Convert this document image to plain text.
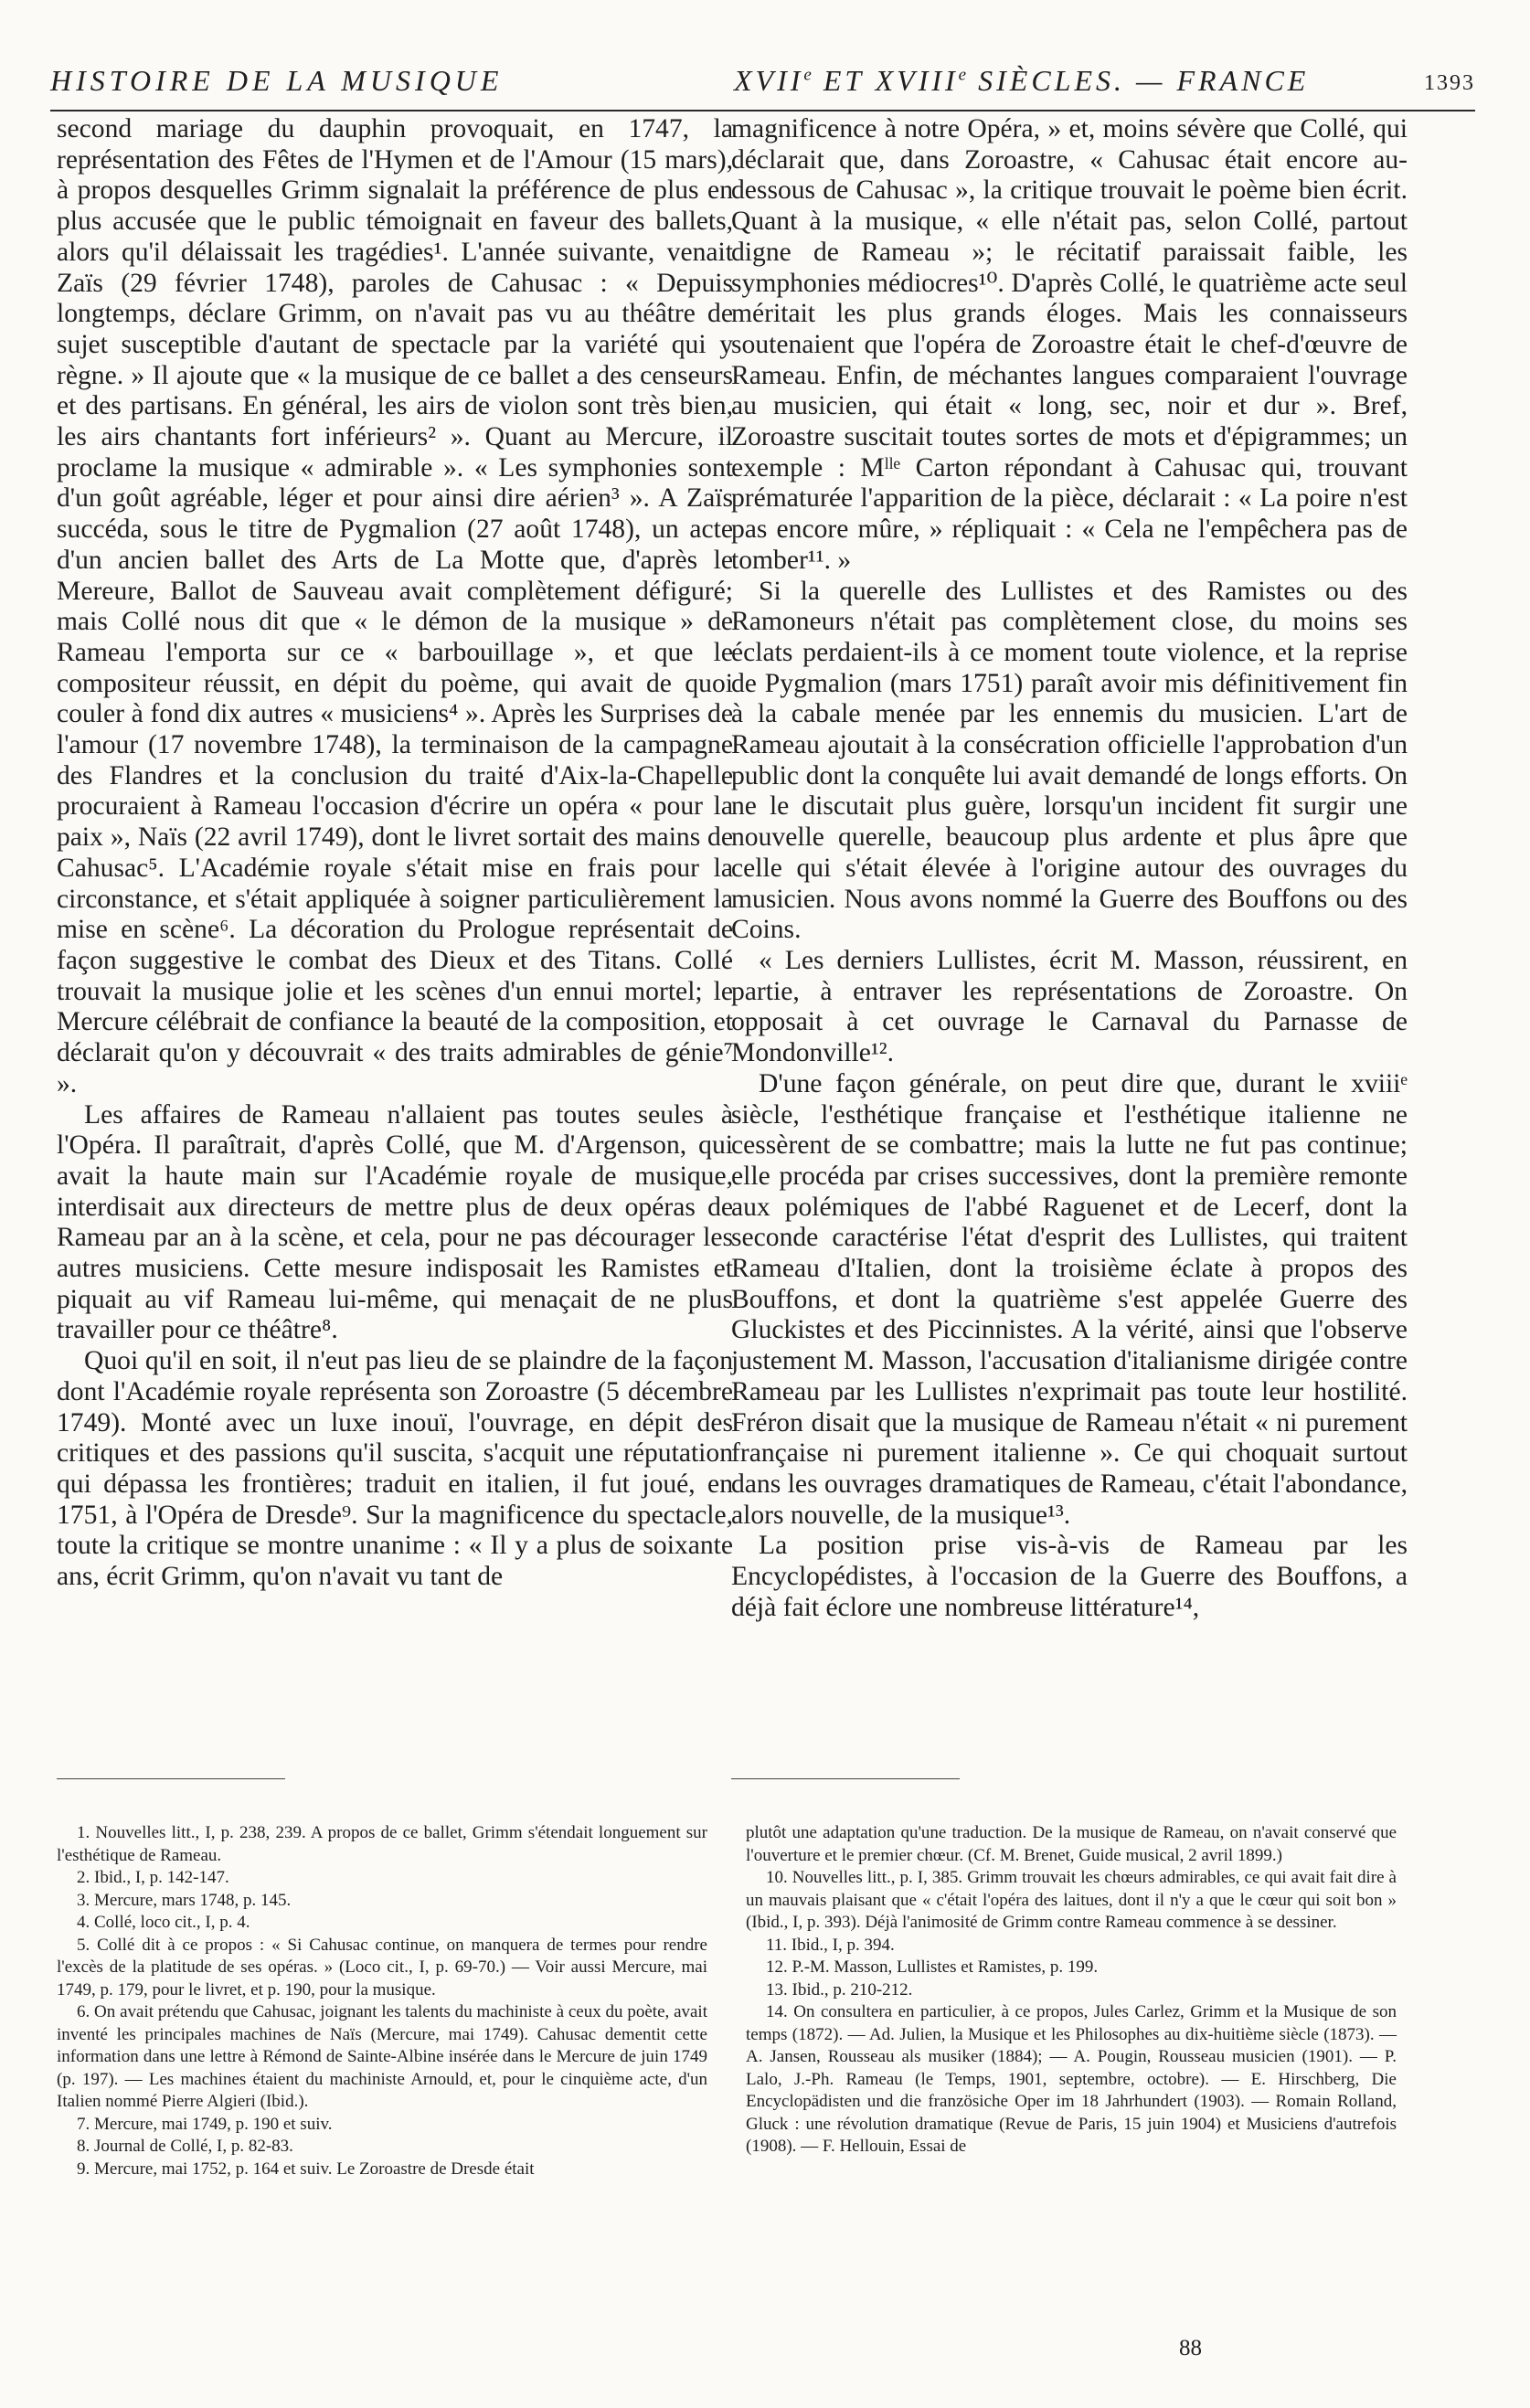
HISTOIRE DE LA MUSIQUE	XVIIe ET XVIIIe SIÈCLES. — FRANCE	1393

second mariage du dauphin provoquait, en 1747, la représentation des Fêtes de l'Hymen et de l'Amour (15 mars), à propos desquelles Grimm signalait la préférence de plus en plus accusée que le public témoignait en faveur des ballets, alors qu'il délaissait les tragédies¹. L'année suivante, venait Zaïs (29 février 1748), paroles de Cahusac : « Depuis longtemps, déclare Grimm, on n'avait pas vu au théâtre de sujet susceptible d'autant de spectacle par la variété qui y règne. » Il ajoute que « la musique de ce ballet a des censeurs et des partisans. En général, les airs de violon sont très bien, les airs chantants fort inférieurs² ». Quant au Mercure, il proclame la musique « admirable ». « Les symphonies sont d'un goût agréable, léger et pour ainsi dire aérien³ ». A Zaïs succéda, sous le titre de Pygmalion (27 août 1748), un acte d'un ancien ballet des Arts de La Motte que, d'après le Mereure, Ballot de Sauveau avait complètement défiguré; mais Collé nous dit que « le démon de la musique » de Rameau l'emporta sur ce « barbouillage », et que le compositeur réussit, en dépit du poème, qui avait de quoi couler à fond dix autres « musiciens⁴ ». Après les Surprises de l'amour (17 novembre 1748), la terminaison de la campagne des Flandres et la conclusion du traité d'Aix-la-Chapelle procuraient à Rameau l'occasion d'écrire un opéra « pour la paix », Naïs (22 avril 1749), dont le livret sortait des mains de Cahusac⁵. L'Académie royale s'était mise en frais pour la circonstance, et s'était appliquée à soigner particulièrement la mise en scène⁶. La décoration du Prologue représentait de façon suggestive le combat des Dieux et des Titans. Collé trouvait la musique jolie et les scènes d'un ennui mortel; le Mercure célébrait de confiance la beauté de la composition, et déclarait qu'on y découvrait « des traits admirables de génie⁷ ».

Les affaires de Rameau n'allaient pas toutes seules à l'Opéra. Il paraîtrait, d'après Collé, que M. d'Argenson, qui avait la haute main sur l'Académie royale de musique, interdisait aux directeurs de mettre plus de deux opéras de Rameau par an à la scène, et cela, pour ne pas décourager les autres musiciens. Cette mesure indisposait les Ramistes et piquait au vif Rameau lui-même, qui menaçait de ne plus travailler pour ce théâtre⁸.

Quoi qu'il en soit, il n'eut pas lieu de se plaindre de la façon dont l'Académie royale représenta son Zoroastre (5 décembre 1749). Monté avec un luxe inouï, l'ouvrage, en dépit des critiques et des passions qu'il suscita, s'acquit une réputation qui dépassa les frontières; traduit en italien, il fut joué, en 1751, à l'Opéra de Dresde⁹. Sur la magnificence du spectacle, toute la critique se montre unanime : « Il y a plus de soixante ans, écrit Grimm, qu'on n'avait vu tant de

magnificence à notre Opéra, » et, moins sévère que Collé, qui déclarait que, dans Zoroastre, « Cahusac était encore au-dessous de Cahusac », la critique trouvait le poème bien écrit. Quant à la musique, « elle n'était pas, selon Collé, partout digne de Rameau »; le récitatif paraissait faible, les symphonies médiocres¹⁰. D'après Collé, le quatrième acte seul méritait les plus grands éloges. Mais les connaisseurs soutenaient que l'opéra de Zoroastre était le chef-d'œuvre de Rameau. Enfin, de méchantes langues comparaient l'ouvrage au musicien, qui était « long, sec, noir et dur ». Bref, Zoroastre suscitait toutes sortes de mots et d'épigrammes; un exemple : Mˡˡᵉ Carton répondant à Cahusac qui, trouvant prématurée l'apparition de la pièce, déclarait : « La poire n'est pas encore mûre, » répliquait : « Cela ne l'empêchera pas de tomber¹¹. »

Si la querelle des Lullistes et des Ramistes ou des Ramoneurs n'était pas complètement close, du moins ses éclats perdaient-ils à ce moment toute violence, et la reprise de Pygmalion (mars 1751) paraît avoir mis définitivement fin à la cabale menée par les ennemis du musicien. L'art de Rameau ajoutait à la consécration officielle l'approbation d'un public dont la conquête lui avait demandé de longs efforts. On ne le discutait plus guère, lorsqu'un incident fit surgir une nouvelle querelle, beaucoup plus ardente et plus âpre que celle qui s'était élevée à l'origine autour des ouvrages du musicien. Nous avons nommé la Guerre des Bouffons ou des Coins.

« Les derniers Lullistes, écrit M. Masson, réussirent, en partie, à entraver les représentations de Zoroastre. On opposait à cet ouvrage le Carnaval du Parnasse de Mondonville¹².

D'une façon générale, on peut dire que, durant le xviiiᵉ siècle, l'esthétique française et l'esthétique italienne ne cessèrent de se combattre; mais la lutte ne fut pas continue; elle procéda par crises successives, dont la première remonte aux polémiques de l'abbé Raguenet et de Lecerf, dont la seconde caractérise l'état d'esprit des Lullistes, qui traitent Rameau d'Italien, dont la troisième éclate à propos des Bouffons, et dont la quatrième s'est appelée Guerre des Gluckistes et des Piccinnistes. A la vérité, ainsi que l'observe justement M. Masson, l'accusation d'italianisme dirigée contre Rameau par les Lullistes n'exprimait pas toute leur hostilité. Fréron disait que la musique de Rameau n'était « ni purement française ni purement italienne ». Ce qui choquait surtout dans les ouvrages dramatiques de Rameau, c'était l'abondance, alors nouvelle, de la musique¹³.

La position prise vis-à-vis de Rameau par les Encyclopédistes, à l'occasion de la Guerre des Bouffons, a déjà fait éclore une nombreuse littérature¹⁴,

1. Nouvelles litt., I, p. 238, 239. A propos de ce ballet, Grimm s'étendait longuement sur l'esthétique de Rameau.

2. Ibid., I, p. 142-147.

3. Mercure, mars 1748, p. 145.

4. Collé, loco cit., I, p. 4.

5. Collé dit à ce propos : « Si Cahusac continue, on manquera de termes pour rendre l'excès de la platitude de ses opéras. » (Loco cit., I, p. 69-70.) — Voir aussi Mercure, mai 1749, p. 179, pour le livret, et p. 190, pour la musique.

6. On avait prétendu que Cahusac, joignant les talents du machiniste à ceux du poète, avait inventé les principales machines de Naïs (Mercure, mai 1749). Cahusac dementit cette information dans une lettre à Rémond de Sainte-Albine insérée dans le Mercure de juin 1749 (p. 197). — Les machines étaient du machiniste Arnould, et, pour le cinquième acte, d'un Italien nommé Pierre Algieri (Ibid.).

7. Mercure, mai 1749, p. 190 et suiv.

8. Journal de Collé, I, p. 82-83.

9. Mercure, mai 1752, p. 164 et suiv. Le Zoroastre de Dresde était

plutôt une adaptation qu'une traduction. De la musique de Rameau, on n'avait conservé que l'ouverture et le premier chœur. (Cf. M. Brenet, Guide musical, 2 avril 1899.)

10. Nouvelles litt., p. I, 385. Grimm trouvait les chœurs admirables, ce qui avait fait dire à un mauvais plaisant que « c'était l'opéra des laitues, dont il n'y a que le cœur qui soit bon » (Ibid., I, p. 393). Déjà l'animosité de Grimm contre Rameau commence à se dessiner.

11. Ibid., I, p. 394.

12. P.-M. Masson, Lullistes et Ramistes, p. 199.

13. Ibid., p. 210-212.

14. On consultera en particulier, à ce propos, Jules Carlez, Grimm et la Musique de son temps (1872). — Ad. Julien, la Musique et les Philosophes au dix-huitième siècle (1873). — A. Jansen, Rousseau als musiker (1884); — A. Pougin, Rousseau musicien (1901). — P. Lalo, J.-Ph. Rameau (le Temps, 1901, septembre, octobre). — E. Hirschberg, Die Encyclopädisten und die französiche Oper im 18 Jahrhundert (1903). — Romain Rolland, Gluck : une révolution dramatique (Revue de Paris, 15 juin 1904) et Musiciens d'autrefois (1908). — F. Hellouin, Essai de

88
